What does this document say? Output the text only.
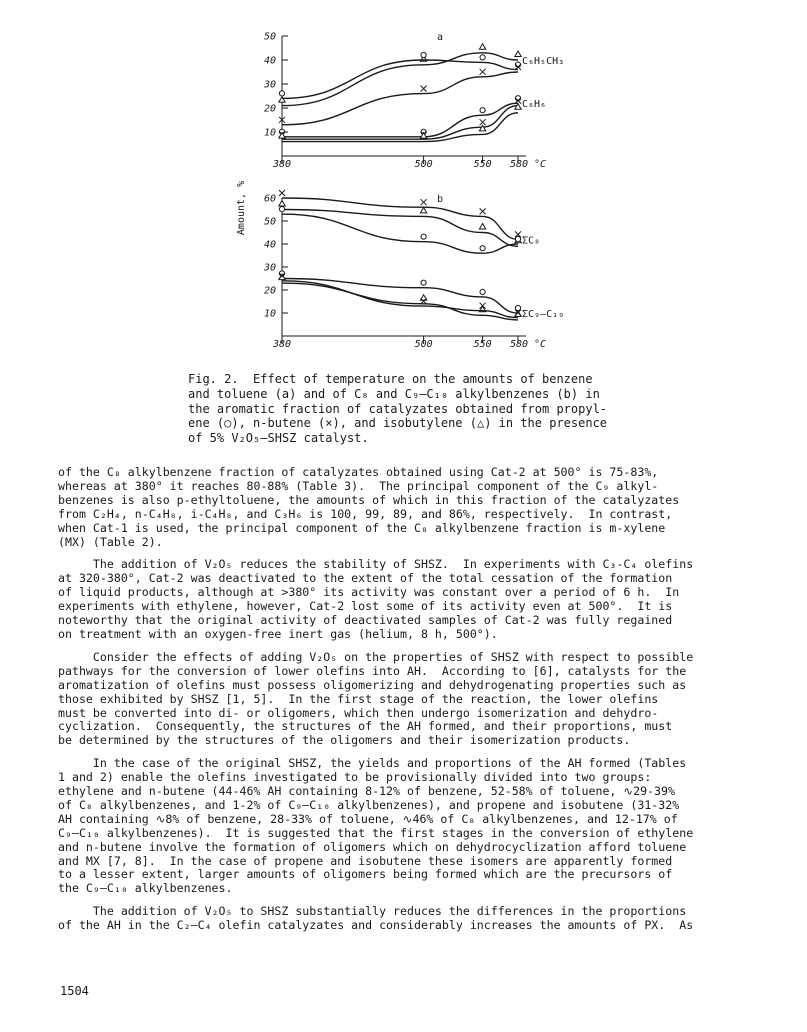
10
20
30
40
50
380	500	550 580 °C
a
C₆H₅CH₃
C₆H₆
10
20
30
40
50
60
380	500	550 580 °C
b
ΣC₈
ΣC₉–C₁₀
Amount, %
Fig. 2.  Effect of temperature on the amounts of benzene
and toluene (a) and of C₈ and C₉–C₁₀ alkylbenzenes (b) in
the aromatic fraction of catalyzates obtained from propyl-
ene (○), n-butene (×), and isobutylene (△) in the presence
of 5% V₂O₅–SHSZ catalyst.
of the C₈ alkylbenzene fraction of catalyzates obtained using Cat-2 at 500° is 75-83%,
whereas at 380° it reaches 80-88% (Table 3).  The principal component of the C₉ alkyl-
benzenes is also p-ethyltoluene, the amounts of which in this fraction of the catalyzates
from C₂H₄, n-C₄H₈, i-C₄H₈, and C₃H₆ is 100, 99, 89, and 86%, respectively.  In contrast,
when Cat-1 is used, the principal component of the C₈ alkylbenzene fraction is m-xylene
(MX) (Table 2).
The addition of V₂O₅ reduces the stability of SHSZ.  In experiments with C₃-C₄ olefins
at 320-380°, Cat-2 was deactivated to the extent of the total cessation of the formation
of liquid products, although at >380° its activity was constant over a period of 6 h.  In
experiments with ethylene, however, Cat-2 lost some of its activity even at 500°.  It is
noteworthy that the original activity of deactivated samples of Cat-2 was fully regained
on treatment with an oxygen-free inert gas (helium, 8 h, 500°).
Consider the effects of adding V₂O₅ on the properties of SHSZ with respect to possible
pathways for the conversion of lower olefins into AH.  According to [6], catalysts for the
aromatization of olefins must possess oligomerizing and dehydrogenating properties such as
those exhibited by SHSZ [1, 5].  In the first stage of the reaction, the lower olefins
must be converted into di- or oligomers, which then undergo isomerization and dehydro-
cyclization.  Consequently, the structures of the AH formed, and their proportions, must
be determined by the structures of the oligomers and their isomerization products.
In the case of the original SHSZ, the yields and proportions of the AH formed (Tables
1 and 2) enable the olefins investigated to be provisionally divided into two groups:
ethylene and n-butene (44-46% AH containing 8-12% of benzene, 52-58% of toluene, ∿29-39%
of C₈ alkylbenzenes, and 1-2% of C₉–C₁₀ alkylbenzenes), and propene and isobutene (31-32%
AH containing ∿8% of benzene, 28-33% of toluene, ∿46% of C₈ alkylbenzenes, and 12-17% of
C₉–C₁₀ alkylbenzenes).  It is suggested that the first stages in the conversion of ethylene
and n-butene involve the formation of oligomers which on dehydrocyclization afford toluene
and MX [7, 8].  In the case of propene and isobutene these isomers are apparently formed
to a lesser extent, larger amounts of oligomers being formed which are the precursors of
the C₉–C₁₀ alkylbenzenes.
The addition of V₂O₅ to SHSZ substantially reduces the differences in the proportions
of the AH in the C₂–C₄ olefin catalyzates and considerably increases the amounts of PX.  As
1504
